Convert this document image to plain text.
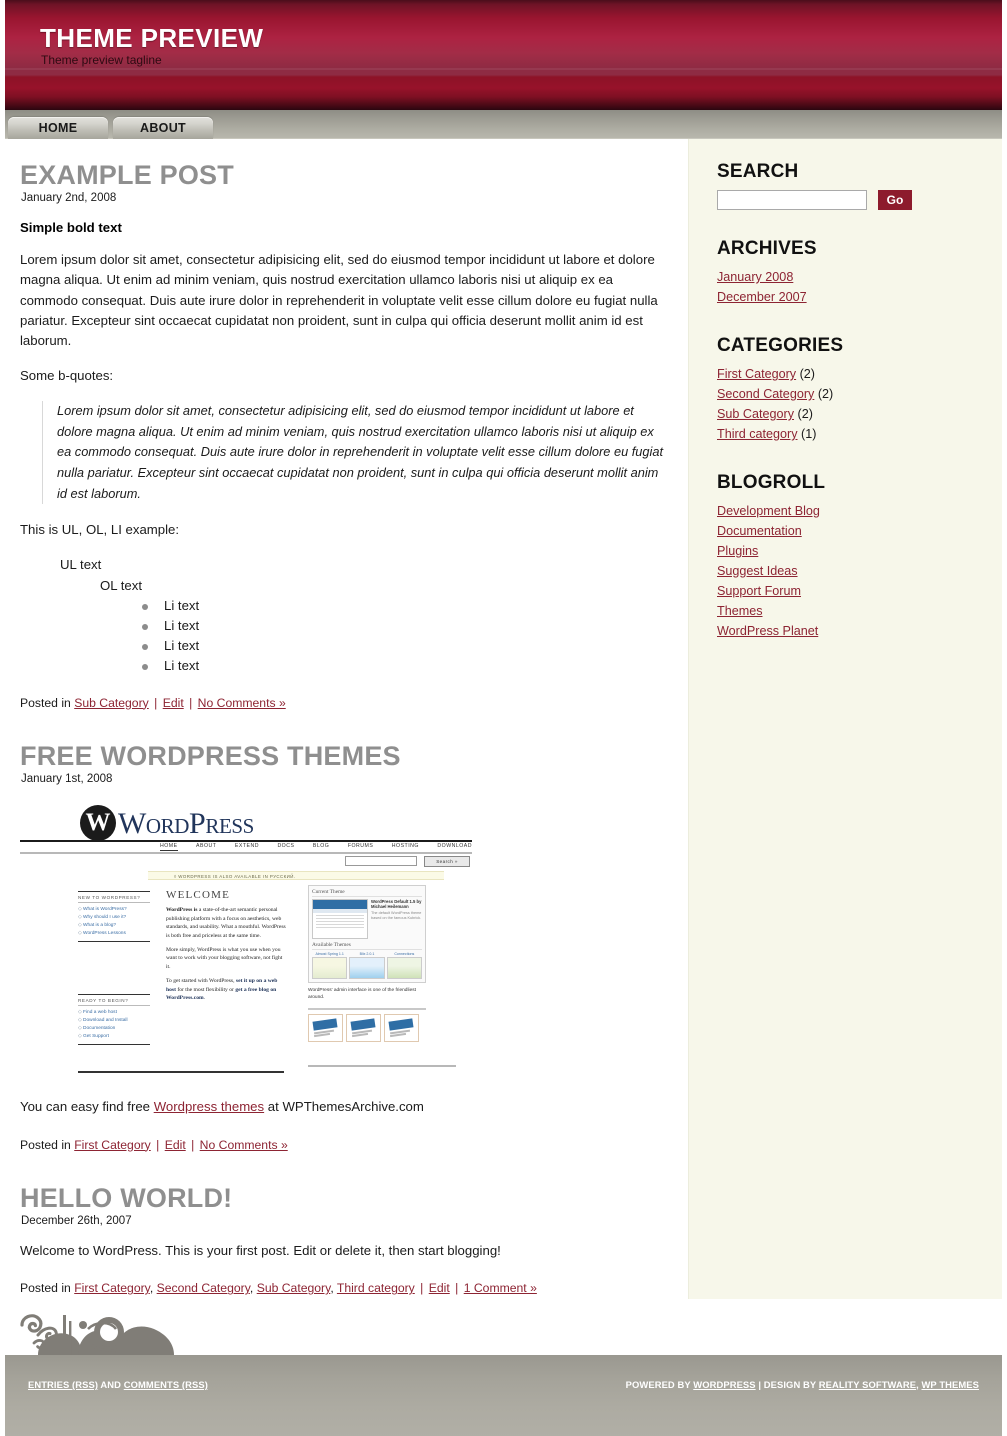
THEME PREVIEW
Theme preview tagline
HOME	ABOUT
EXAMPLE POST
January 2nd, 2008

Simple bold text

Lorem ipsum dolor sit amet, consectetur adipisicing elit, sed do eiusmod tempor incididunt ut labore et dolore magna aliqua. Ut enim ad minim veniam, quis nostrud exercitation ullamco laboris nisi ut aliquip ex ea commodo consequat. Duis aute irure dolor in reprehenderit in voluptate velit esse cillum dolore eu fugiat nulla pariatur. Excepteur sint occaecat cupidatat non proident, sunt in culpa qui officia deserunt mollit anim id est laborum.

Some b-quotes:

Lorem ipsum dolor sit amet, consectetur adipisicing elit, sed do eiusmod tempor incididunt ut labore et dolore magna aliqua. Ut enim ad minim veniam, quis nostrud exercitation ullamco laboris nisi ut aliquip ex ea commodo consequat. Duis aute irure dolor in reprehenderit in voluptate velit esse cillum dolore eu fugiat nulla pariatur. Excepteur sint occaecat cupidatat non proident, sunt in culpa qui officia deserunt mollit anim id est laborum.

This is UL, OL, LI example:

UL text
OL text
Li text
Li text
Li text
Li text
Posted in Sub Category | Edit | No Comments »
FREE WORDPRESS THEMES
January 1st, 2008
W WordPress
HOME	ABOUT	EXTEND	DOCS	BLOG	FORUMS	HOSTING	DOWNLOAD
Search »
◊ WORDPRESS IS ALSO AVAILABLE IN РУССКИЙ.
NEW TO WORDPRESS?
◇ What is WordPress?
◇ Why should I use it?
◇ What is a blog?
◇ WordPress Lessons
READY TO BEGIN?
◇ Find a web host
◇ Download and Install
◇ Documentation
◇ Get Support
WELCOME

WordPress is a state-of-the-art semantic personal publishing platform with a focus on aesthetics, web standards, and usability. What a mouthful. WordPress is both free and priceless at the same time.

More simply, WordPress is what you use when you want to work with your blogging software, not fight it.

To get started with WordPress, set it up on a web host for the most flexibility or get a free blog on WordPress.com.

Current Theme
WordPress Default 1.5 by Michael Heilemann
The default WordPress theme based on the famous Kubrick.
Available Themes
Almost Spring 1.1	Blix 2.0.1	Connections
WordPress' admin interface is one of the friendliest around.

You can easy find free Wordpress themes at WPThemesArchive.com

Posted in First Category | Edit | No Comments »
HELLO WORLD!
December 26th, 2007

Welcome to WordPress. This is your first post. Edit or delete it, then start blogging!

Posted in First Category, Second Category, Sub Category, Third category | Edit | 1 Comment »
SEARCH
Go
ARCHIVES
January 2008
December 2007
CATEGORIES
First Category (2)
Second Category (2)
Sub Category (2)
Third category (1)
BLOGROLL
Development Blog
Documentation
Plugins
Suggest Ideas
Support Forum
Themes
WordPress Planet
ENTRIES (RSS) AND COMMENTS (RSS)	POWERED BY WORDPRESS | DESIGN BY REALITY SOFTWARE, WP THEMES
